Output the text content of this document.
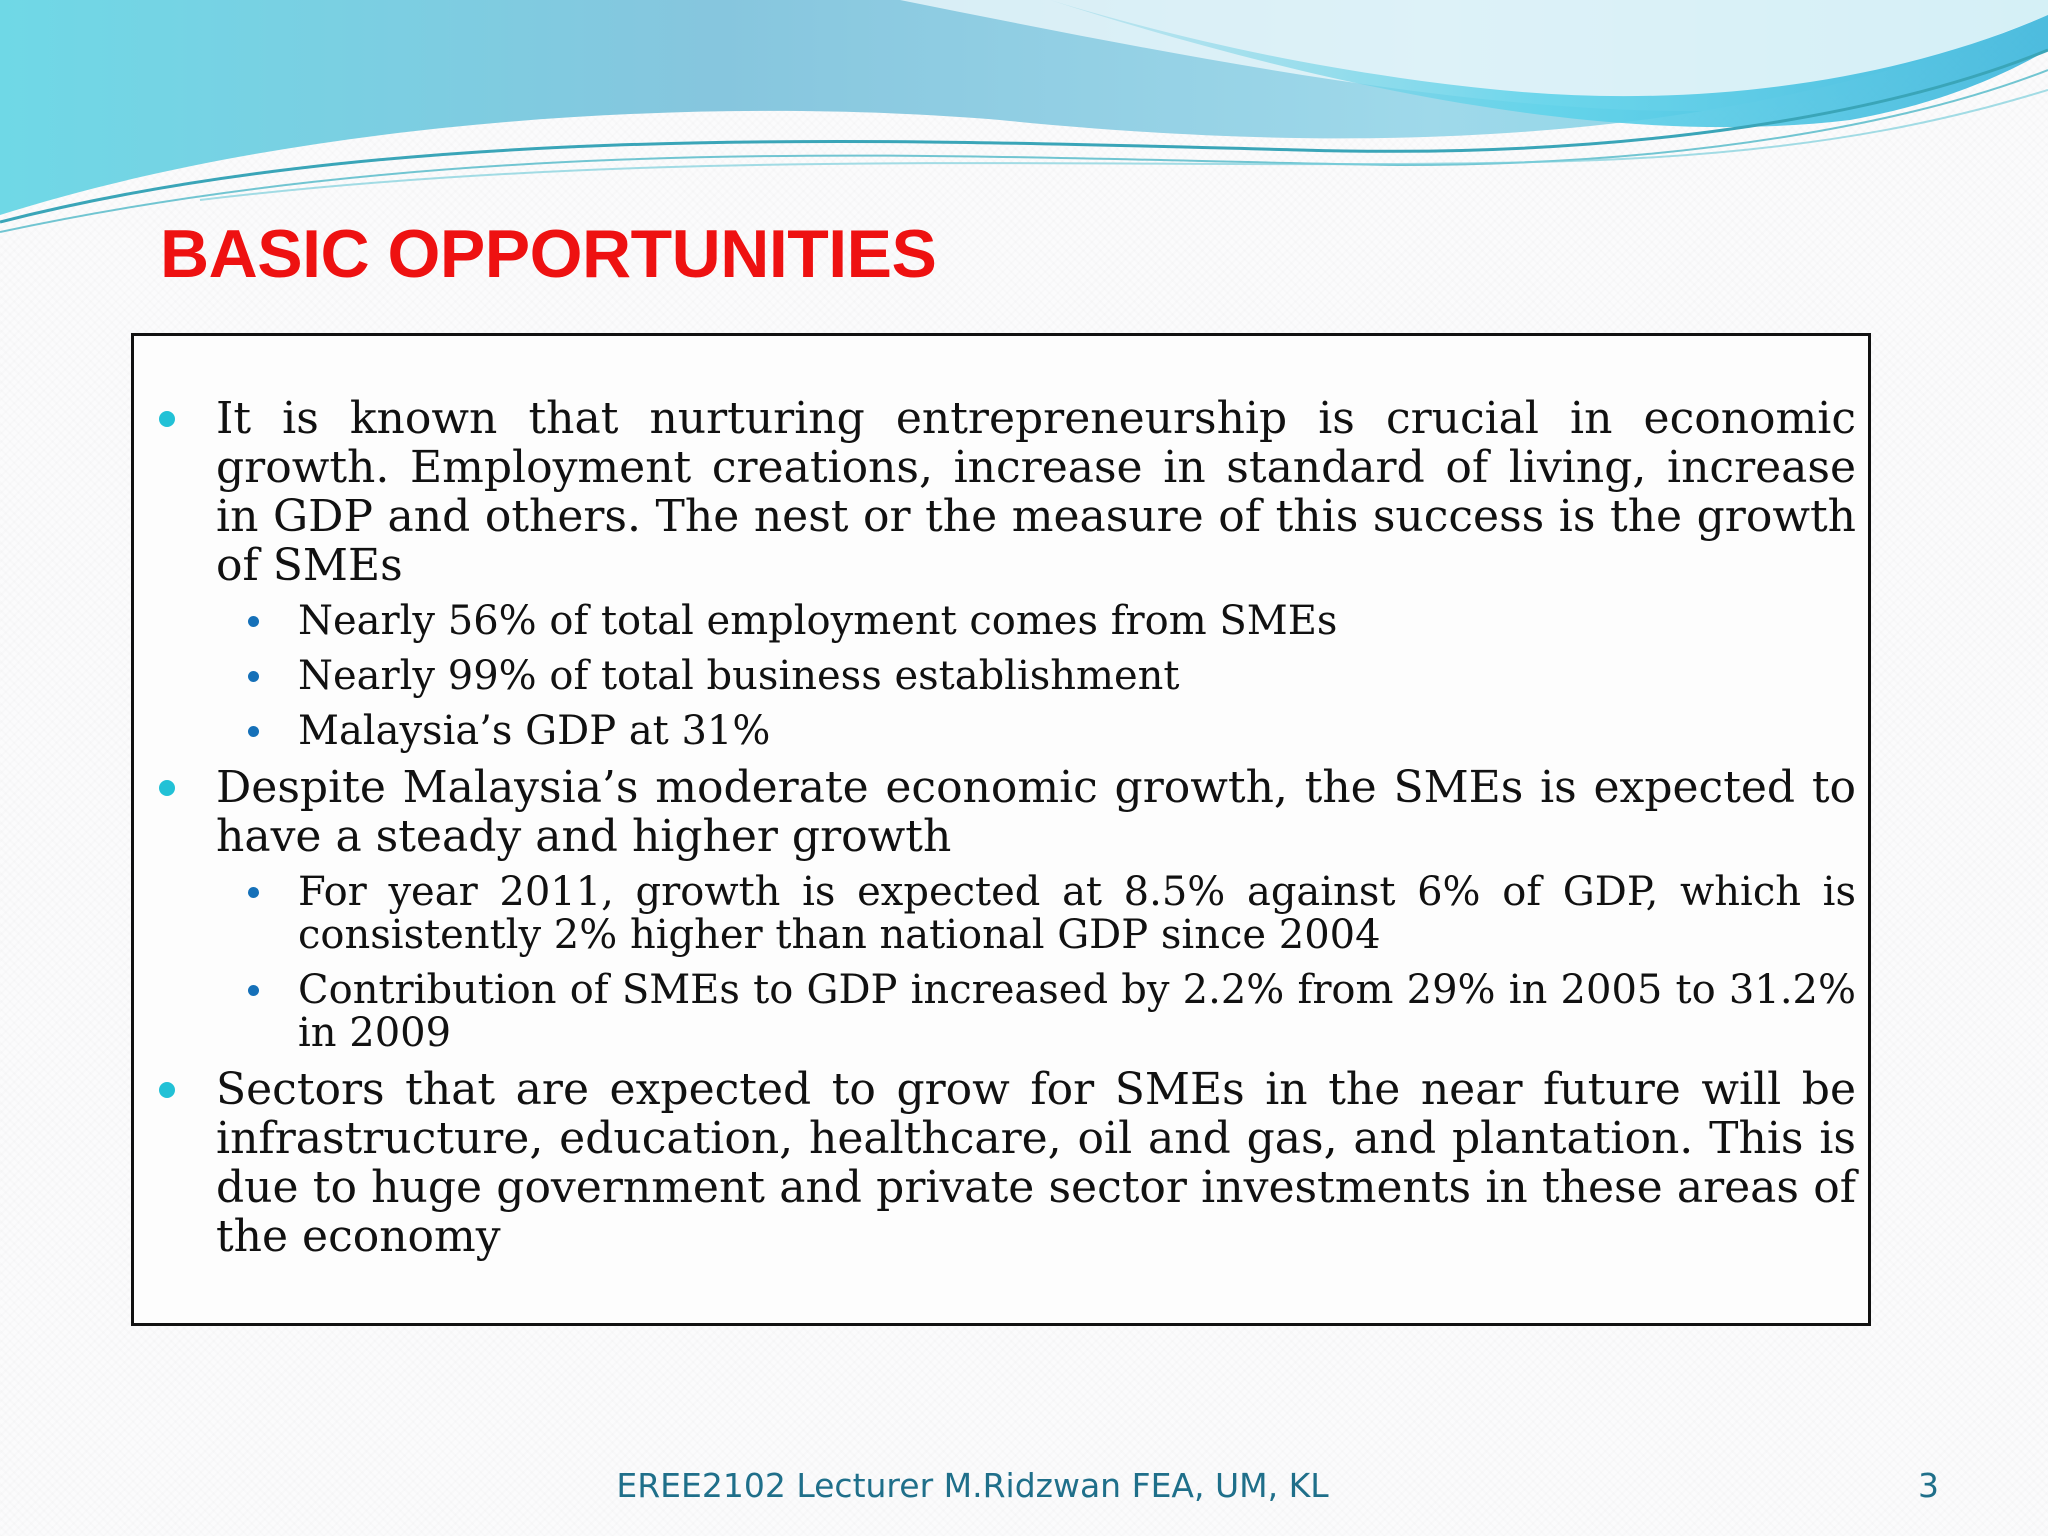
BASIC OPPORTUNITIES
It is known that nurturing entrepreneurship is crucial in economic growth. Employment creations, increase in standard of living, increase in GDP and others. The nest or the measure of this success is the growth of SMEs
Nearly 56% of total employment comes from SMEs
Nearly 99% of total business establishment
Malaysia’s GDP at 31%
Despite Malaysia’s moderate economic growth, the SMEs is expected to have a steady and higher growth
For year 2011, growth is expected at 8.5% against 6% of GDP, which is consistently 2% higher than national GDP since 2004
Contribution of SMEs to GDP increased by 2.2% from 29% in 2005 to 31.2% in 2009
Sectors that are expected to grow for SMEs in the near future will be infrastructure, education, healthcare, oil and gas, and plantation. This is due to huge government and private sector investments in these areas of the economy
EREE2102 Lecturer M.Ridzwan FEA, UM, KL	3
